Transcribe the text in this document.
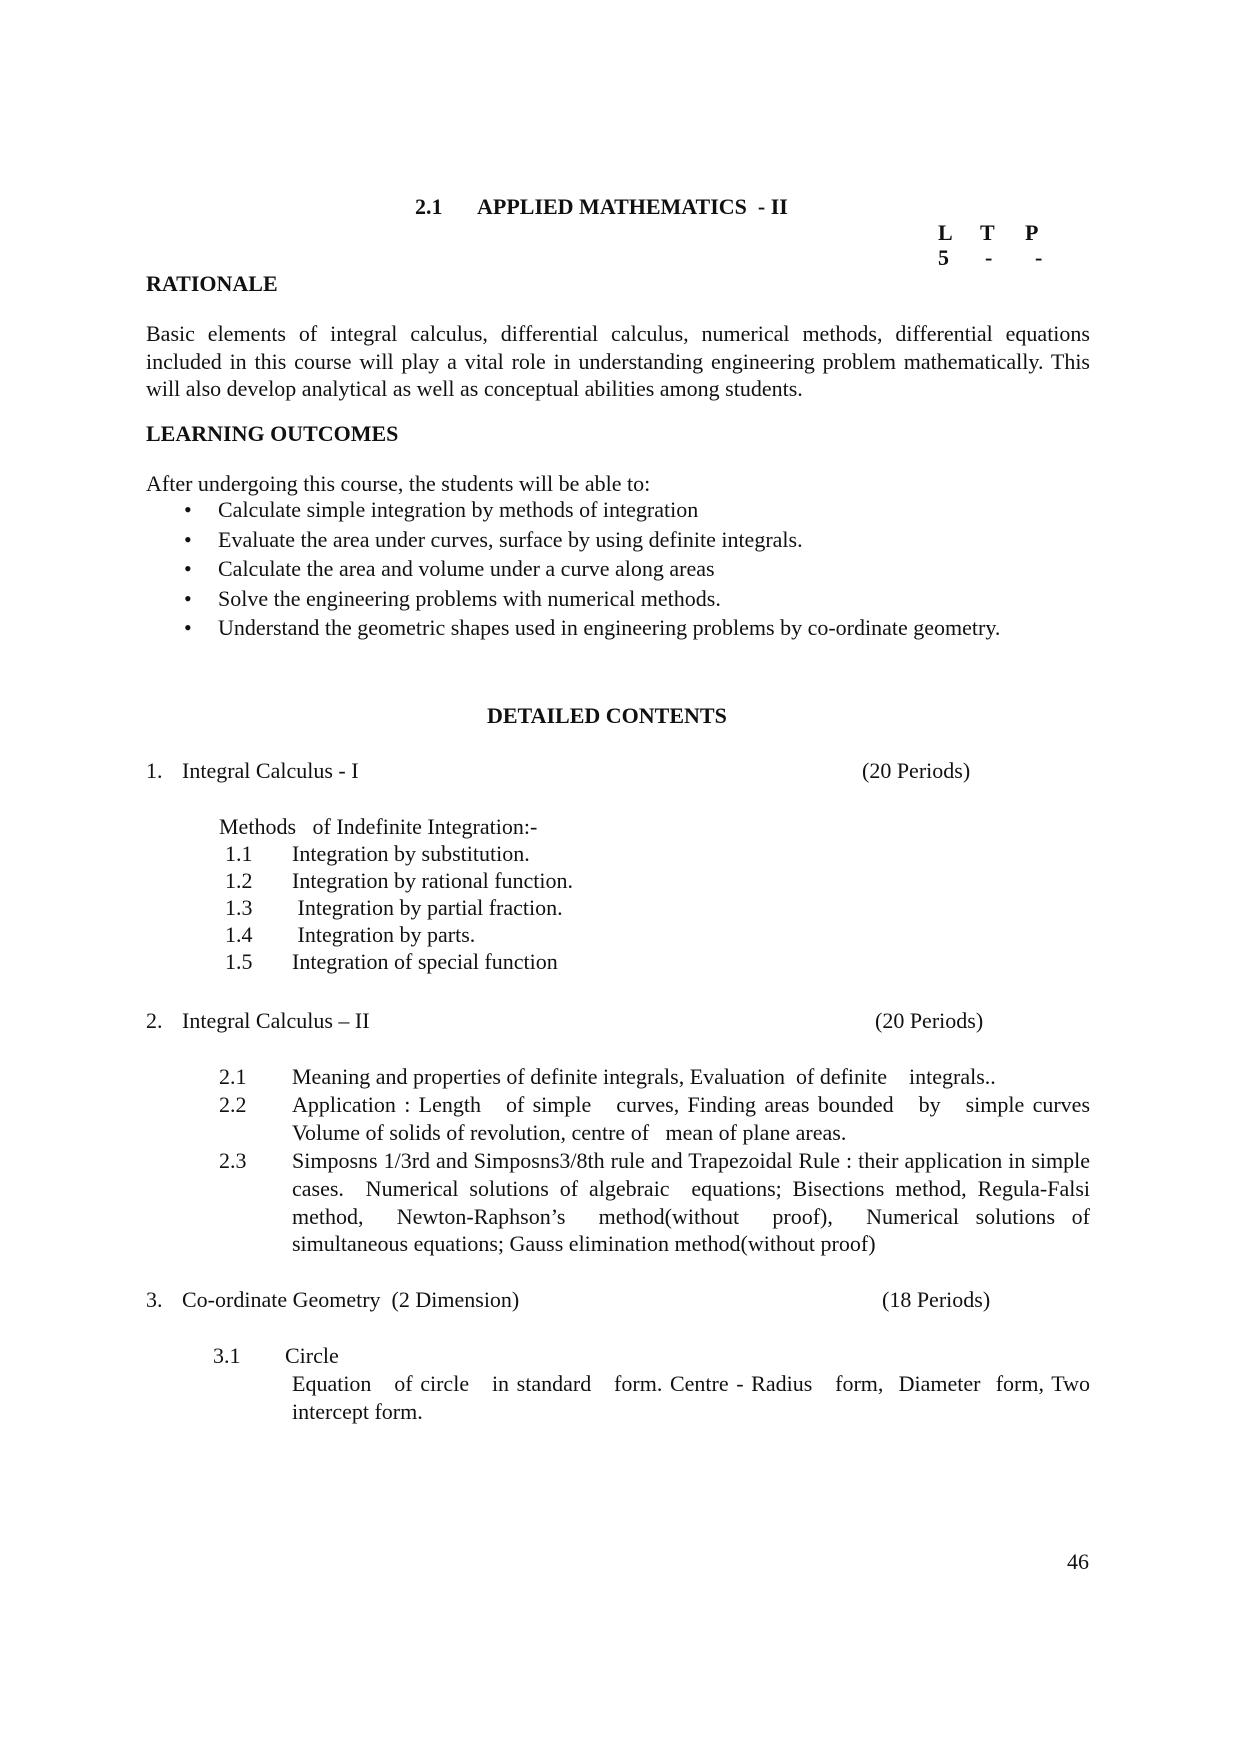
2.1 APPLIED MATHEMATICS  - II
L T P
5 - -
RATIONALE
Basic elements of integral calculus, differential calculus, numerical methods, differential equations included in this course will play a vital role in understanding engineering problem mathematically. This will also develop analytical as well as conceptual abilities among students.
LEARNING OUTCOMES
After undergoing this course, the students will be able to:
• Calculate simple integration by methods of integration
• Evaluate the area under curves, surface by using definite integrals.
• Calculate the area and volume under a curve along areas
• Solve the engineering problems with numerical methods.
• Understand the geometric shapes used in engineering problems by co-ordinate geometry.
DETAILED CONTENTS
1. Integral Calculus - I	(20 Periods)
Methods   of Indefinite Integration:-
1.1 Integration by substitution.
1.2 Integration by rational function.
1.3 Integration by partial fraction.
1.4 Integration by parts.
1.5 Integration of special function
2. Integral Calculus – II	(20 Periods)
2.1 Meaning and properties of definite integrals, Evaluation  of definite    integrals..
2.2 Application : Length   of simple   curves, Finding areas bounded   by   simple curves Volume of solids of revolution, centre of   mean of plane areas.
2.3 Simposns 1/3rd and Simposns3/8th rule and Trapezoidal Rule : their application in simple cases.  Numerical solutions of algebraic  equations; Bisections method, Regula-Falsi  method,  Newton-Raphson’s  method(without  proof),  Numerical solutions of simultaneous equations; Gauss elimination method(without proof)
3. Co-ordinate Geometry  (2 Dimension)	(18 Periods)
3.1 Circle
Equation   of circle   in standard   form. Centre - Radius   form,  Diameter  form, Two intercept form.
46
